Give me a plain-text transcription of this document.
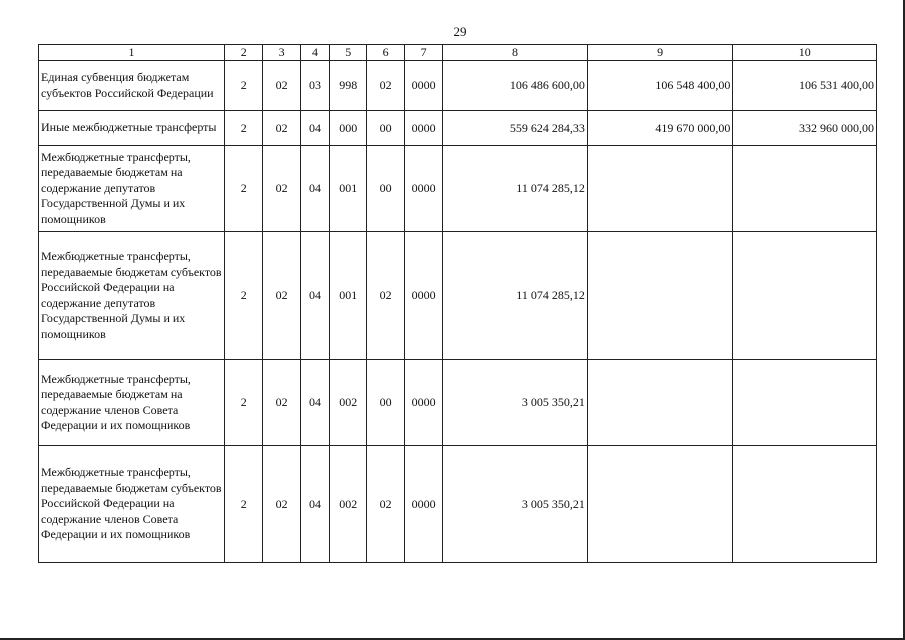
29
1	2	3	4	5	6	7	8	9	10
Единая субвенция бюджетам субъектов Российской Федерации	2	02	03	998	02	0000	106 486 600,00	106 548 400,00	106 531 400,00
Иные межбюджетные трансферты	2	02	04	000	00	0000	559 624 284,33	419 670 000,00	332 960 000,00
Межбюджетные трансферты, передаваемые бюджетам на содержание депутатов Государственной Думы и их помощников	2	02	04	001	00	0000	11 074 285,12		
Межбюджетные трансферты, передаваемые бюджетам субъектов Российской Федерации на содержание депутатов Государственной Думы и их помощников	2	02	04	001	02	0000	11 074 285,12		
Межбюджетные трансферты, передаваемые бюджетам на содержание членов Совета Федерации и их помощников	2	02	04	002	00	0000	3 005 350,21		
Межбюджетные трансферты, передаваемые бюджетам субъектов Российской Федерации на содержание членов Совета Федерации и их помощников	2	02	04	002	02	0000	3 005 350,21		
